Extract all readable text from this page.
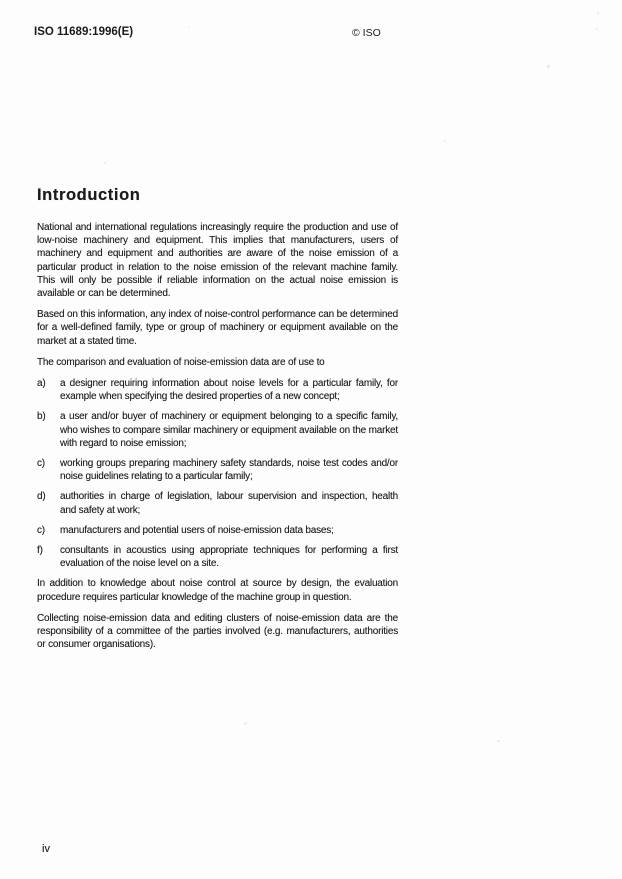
ISO 11689:1996(E)	© ISO
Introduction

National and international regulations increasingly require the production and use of low-noise machinery and equipment. This implies that manufacturers, users of machinery and equipment and authorities are aware of the noise emission of a particular product in relation to the noise emission of the relevant machine family. This will only be possible if reliable information on the actual noise emission is available or can be determined.

Based on this information, any index of noise-control performance can be determined for a well-defined family, type or group of machinery or equipment available on the market at a stated time.

The comparison and evaluation of noise-emission data are of use to

a)	a designer requiring information about noise levels for a particular family, for example when specifying the desired properties of a new concept;
b)	a user and/or buyer of machinery or equipment belonging to a specific family, who wishes to compare similar machinery or equipment available on the market with regard to noise emission;
c)	working groups preparing machinery safety standards, noise test codes and/or noise guidelines relating to a particular family;
d)	authorities in charge of legislation, labour supervision and inspection, health and safety at work;
c)	manufacturers and potential users of noise-emission data bases;
f)	consultants in acoustics using appropriate techniques for performing a first evaluation of the noise level on a site.

In addition to knowledge about noise control at source by design, the evaluation procedure requires particular knowledge of the machine group in question.

Collecting noise-emission data and editing clusters of noise-emission data are the responsibility of a committee of the parties involved (e.g. manufacturers, authorities or consumer organisations).

iv
